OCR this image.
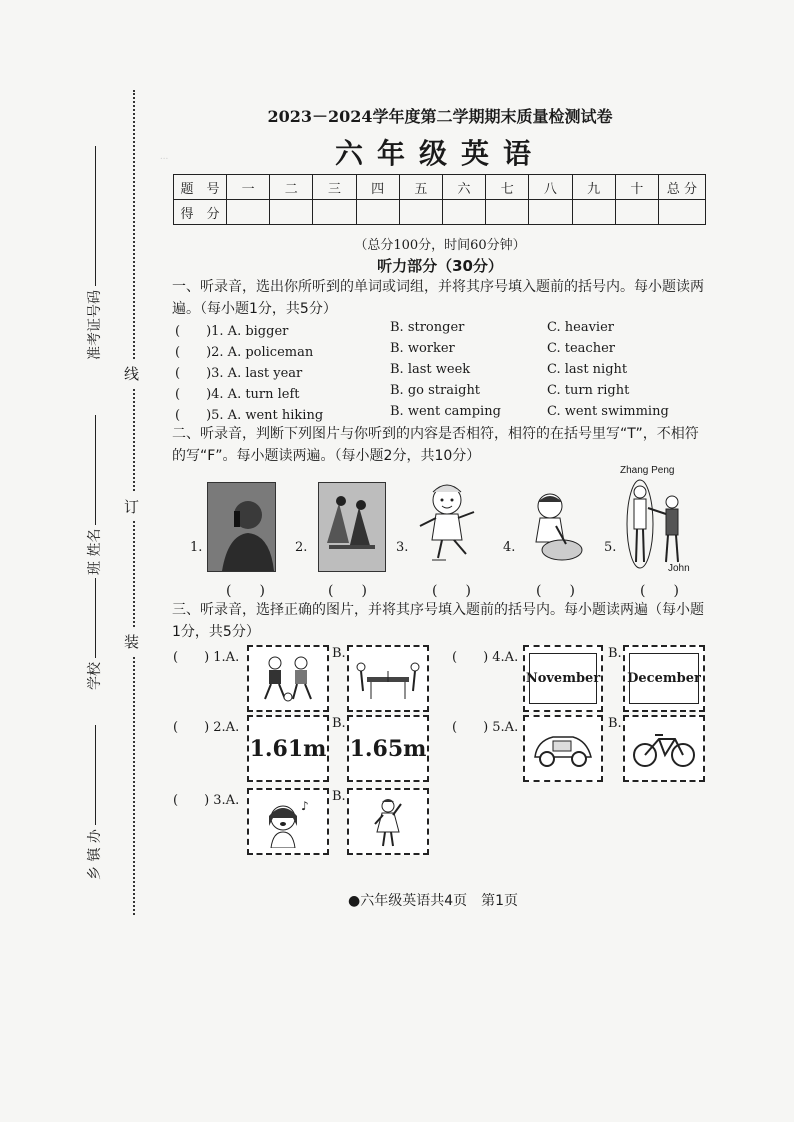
...
线
订
装
准考证号码
班 姓名
学校
乡 镇 办
2023－2024学年度第二学期期末质量检测试卷
六年级英语
题　号	一	二	三	四	五	六	七	八	九	十	总 分
得　分											
（总分100分，时间60分钟）
听力部分（30分）
一、听录音，选出你所听到的单词或词组，并将其序号填入题前的括号内。每小题读两遍。（每小题1分，共5分）
(　　)1. A. bigger	B. stronger	C. heavier
(　　)2. A. policeman	B. worker	C. teacher
(　　)3. A. last year	B. last week	C. last night
(　　)4. A. turn left	B. go straight	C. turn right
(　　)5. A. went hiking	B. went camping	C. went swimming
二、听录音，判断下列图片与你听到的内容是否相符，相符的在括号里写“T”，不相符的写“F”。每小题读两遍。（每小题2分，共10分）
1.	2.	3.	4.
Zhang Peng
5.
John
(　　)	(　　)	(　　)	(　　)	(　　)
三、听录音，选择正确的图片，并将其序号填入题前的括号内。每小题读两遍（每小题1分，共5分）
(　　) 1.A.	B.	(　　) 4.A.
November
B.
December
(　　) 2.A.
1.61m
B.
1.65m
(　　) 5.A.	B.
(　　) 3.A.	♪
B.
●六年级英语共4页　第1页
